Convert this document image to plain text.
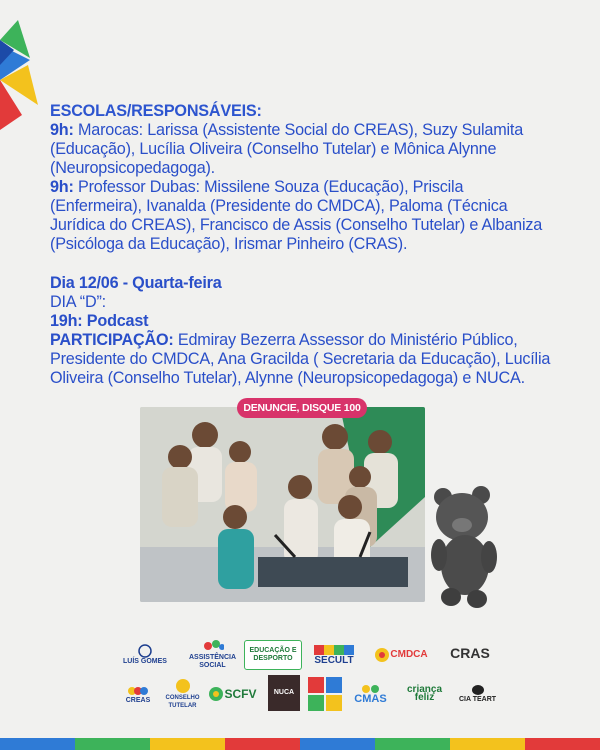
ESCOLAS/RESPONSÁVEIS:
9h: Marocas: Larissa (Assistente Social do CREAS), Suzy Sulamita (Educação), Lucília Oliveira (Conselho Tutelar) e Mônica Alynne (Neuropsicopedagoga).
9h: Professor Dubas: Missilene Souza (Educação), Priscila (Enfermeira), Ivanalda (Presidente do CMDCA), Paloma (Técnica Jurídica do CREAS), Francisco de Assis (Conselho Tutelar) e Albaniza (Psicóloga da Educação), Irismar Pinheiro (CRAS).
Dia 12/06 - Quarta-feira
DIA “D”:
19h: Podcast
PARTICIPAÇÃO: Edmiray Bezerra Assessor do Ministério Público, Presidente do CMDCA, Ana Gracilda ( Secretaria da Educação), Lucília Oliveira (Conselho Tutelar), Alynne (Neuropsicopedagoga) e NUCA.
DENUNCIE, DISQUE 100
LUÍS GOMES
ASSISTÊNCIA SOCIAL
EDUCAÇÃO E DESPORTO	SECULT	CMDCA CRAS
CREAS	CONSELHO TUTELAR
SCFV NUCA
CMAS
criança feliz	CIA TEART
